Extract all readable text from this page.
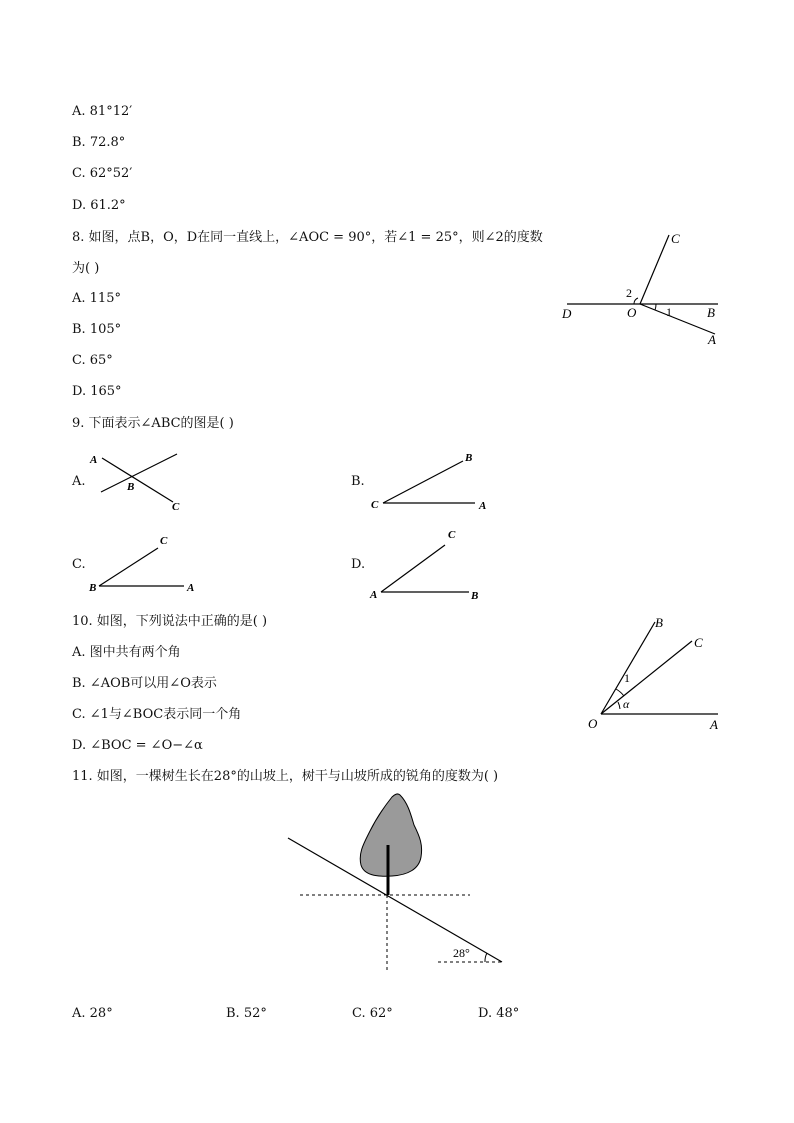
A. 81°12′
B. 72.8°
C. 62°52′
D. 61.2°
8. 如图，点B，O，D在同一直线上，∠AOC = 90°，若∠1 = 25°，则∠2的度数
为( )
A. 115°
B. 105°
C. 65°
D. 165°
C
2
D	O 1	B
A
9. 下面表示∠ABC的图是( )
A.
A
B
C
B.
B
C	A
C.
C
B	A
D.
C
A	B
10. 如图，下列说法中正确的是( )
A. 图中共有两个角
B. ∠AOB可以用∠O表示
C. ∠1与∠BOC表示同一个角
D. ∠BOC = ∠O−∠α
B
C
1
α
O	A
11. 如图，一棵树生长在28°的山坡上，树干与山坡所成的锐角的度数为( )
28°
A. 28°	B. 52°	C. 62°	D. 48°
